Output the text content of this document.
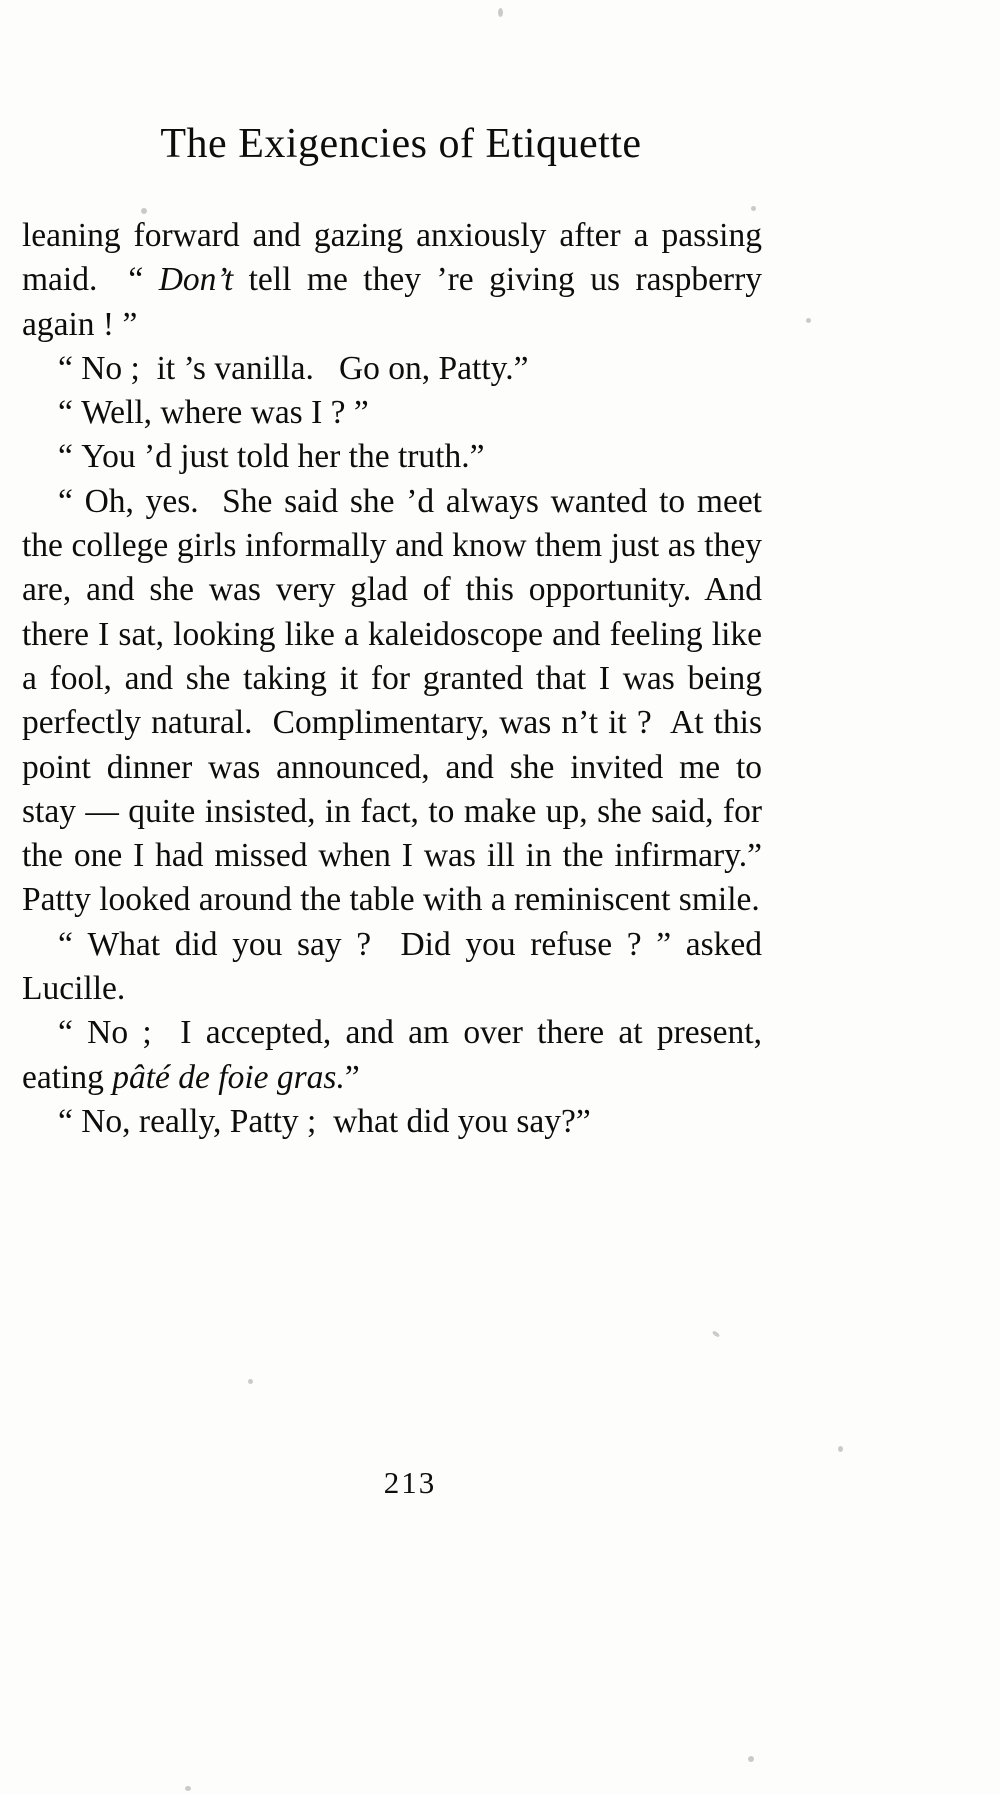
The Exigencies of Etiquette

leaning forward and gazing anxiously after a passing maid.  “ Don’t tell me they ’re giving us raspberry again ! ”

“ No ;  it ’s vanilla.   Go on, Patty.”

“ Well, where was I ? ”

“ You ’d just told her the truth.”

“ Oh, yes.  She said she ’d always wanted to meet the college girls informally and know them just as they are, and she was very glad of this opportunity. And there I sat, looking like a kaleidoscope and feeling like a fool, and she taking it for granted that I was being perfectly natural.  Complimentary, was n’t it ?  At this point dinner was announced, and she invited me to stay — quite insisted, in fact, to make up, she said, for the one I had missed when I was ill in the infirmary.” Patty looked around the table with a reminiscent smile.

“ What did you say ?  Did you refuse ? ” asked Lucille.

“ No ;  I accepted, and am over there at present, eating pâté de foie gras.”

“ No, really, Patty ;  what did you say?”

213
